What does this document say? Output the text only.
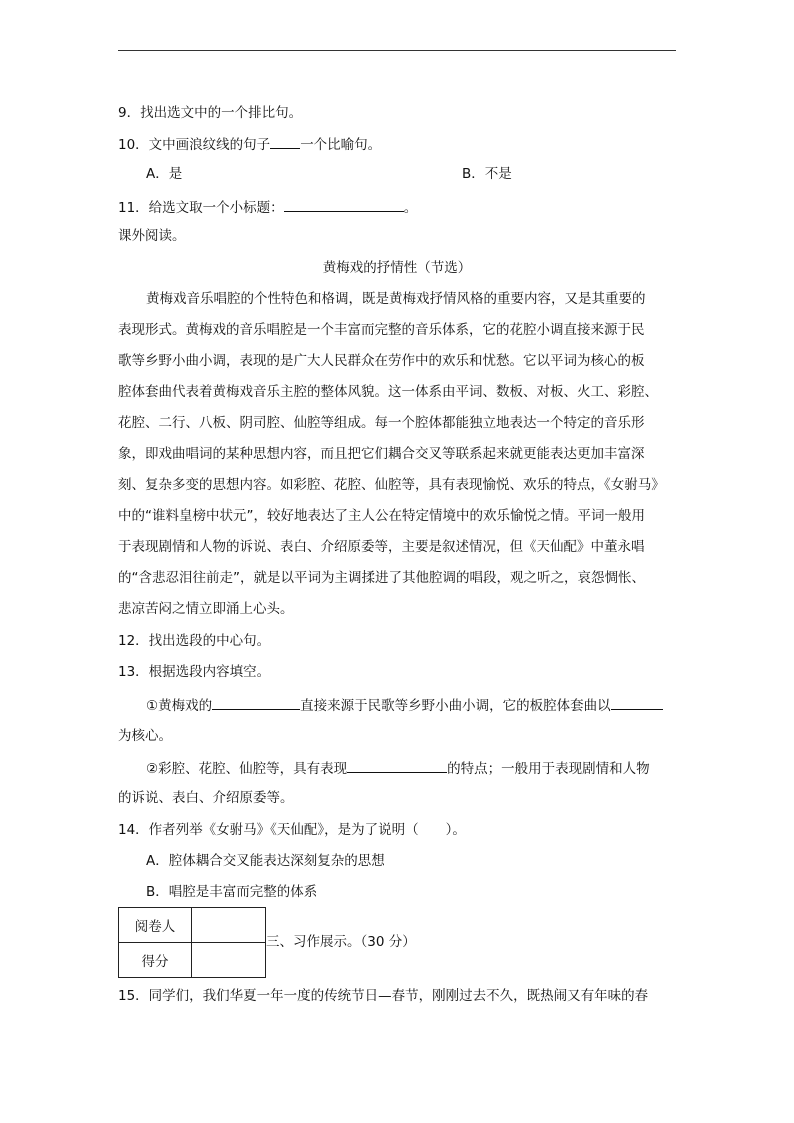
9．找出选文中的一个排比句。
10．文中画浪纹线的句子 一个比喻句。
A．是	B．不是
11．给选文取一个小标题：	。
课外阅读。
黄梅戏的抒情性（节选）
黄梅戏音乐唱腔的个性特色和格调，既是黄梅戏抒情风格的重要内容，又是其重要的
表现形式。黄梅戏的音乐唱腔是一个丰富而完整的音乐体系，它的花腔小调直接来源于民
歌等乡野小曲小调，表现的是广大人民群众在劳作中的欢乐和忧愁。它以平词为核心的板
腔体套曲代表着黄梅戏音乐主腔的整体风貌。这一体系由平词、数板、对板、火工、彩腔、
花腔、二行、八板、阴司腔、仙腔等组成。每一个腔体都能独立地表达一个特定的音乐形
象，即戏曲唱词的某种思想内容，而且把它们耦合交叉等联系起来就更能表达更加丰富深
刻、复杂多变的思想内容。如彩腔、花腔、仙腔等，具有表现愉悦、欢乐的特点，《女驸马》
中的“谁料皇榜中状元”，较好地表达了主人公在特定情境中的欢乐愉悦之情。平词一般用
于表现剧情和人物的诉说、表白、介绍原委等，主要是叙述情况，但《天仙配》中董永唱
的“含悲忍泪往前走”，就是以平词为主调揉进了其他腔调的唱段，观之听之，哀怨惆怅、
悲凉苦闷之情立即涌上心头。
12．找出选段的中心句。
13．根据选段内容填空。
①黄梅戏的	直接来源于民歌等乡野小曲小调，它的板腔体套曲以
为核心。
②彩腔、花腔、仙腔等，具有表现	的特点；一般用于表现剧情和人物
的诉说、表白、介绍原委等。
14．作者列举《女驸马》《天仙配》，是为了说明（　　）。
A．腔体耦合交叉能表达深刻复杂的思想
B．唱腔是丰富而完整的体系
阅卷人	
得分	
三、习作展示。（30 分）
15．同学们，我们华夏一年一度的传统节日—春节，刚刚过去不久，既热闹又有年味的春
